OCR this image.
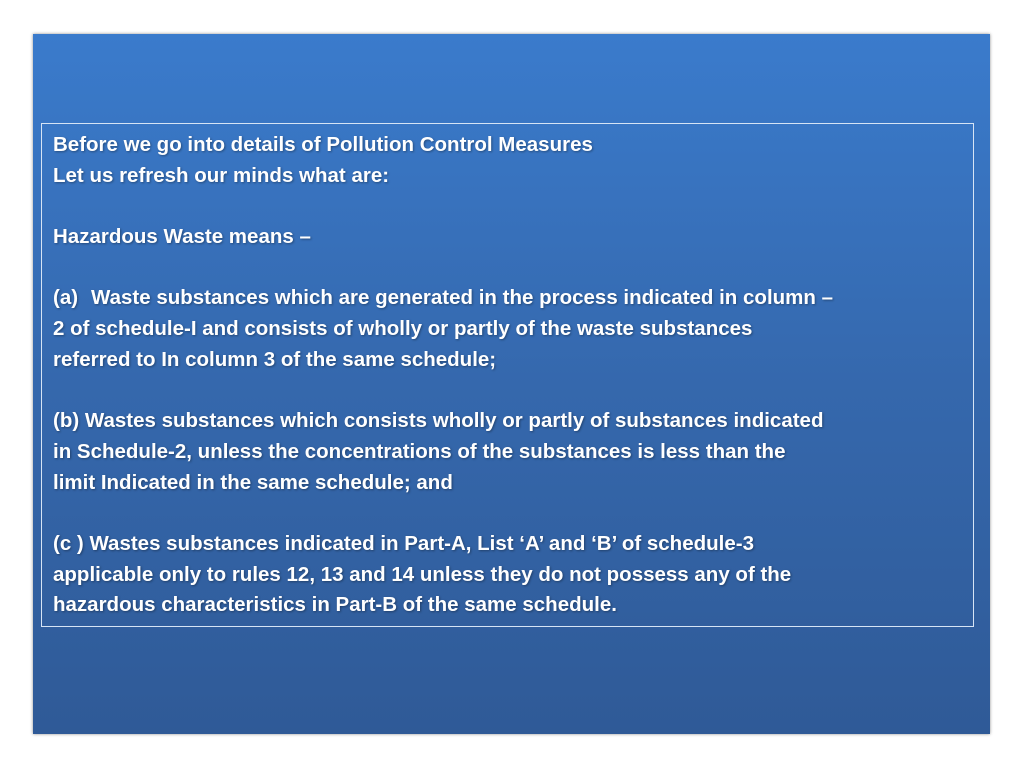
Before we go into details of Pollution Control Measures
Let us refresh our minds what are:
Hazardous Waste means –
(a) Waste substances which are generated in the process indicated in column –
2 of schedule-I and consists of wholly or partly of the waste substances
referred to In column 3 of the same schedule;
(b) Wastes substances which consists wholly or partly of substances indicated
in Schedule-2, unless the concentrations of the substances is less than the
limit Indicated in the same schedule; and
(c ) Wastes substances indicated in Part-A, List ‘A’ and ‘B’ of schedule-3
applicable only to rules 12, 13 and 14 unless they do not possess any of the
hazardous characteristics in Part-B of the same schedule.
